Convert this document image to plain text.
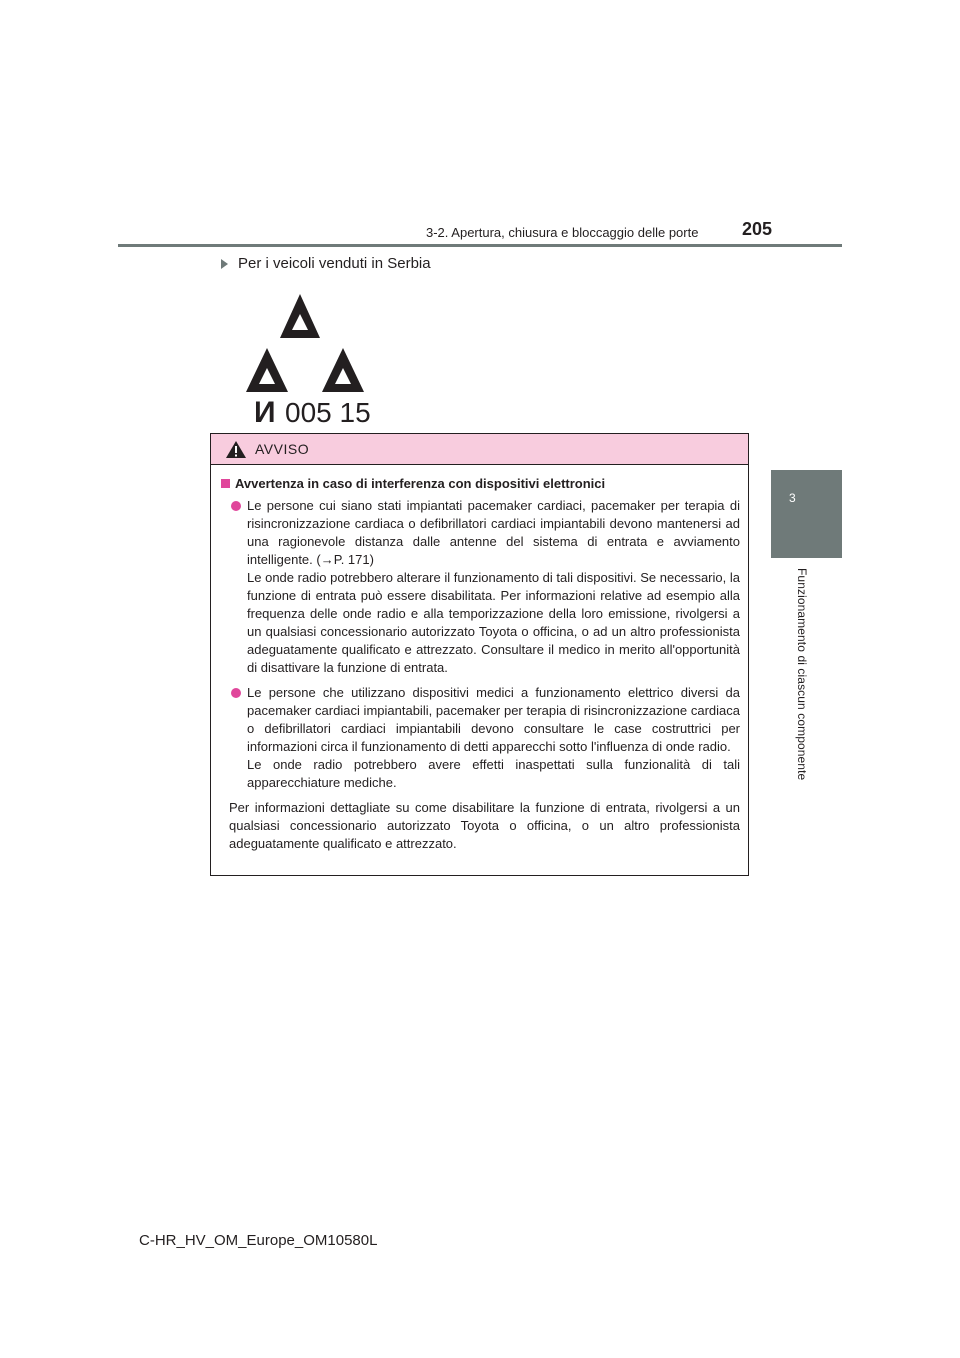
3-2. Apertura, chiusura e bloccaggio delle porte 205
3
Funzionamento di ciascun componente
Per i veicoli venduti in Serbia
И 005 15
AVVISO
Avvertenza in caso di interferenza con dispositivi elettronici
Le persone cui siano stati impiantati pacemaker cardiaci, pacemaker per terapia di risincronizzazione cardiaca o defibrillatori cardiaci impiantabili devono mantenersi ad una ragionevole distanza dalle antenne del sistema di entrata e avviamento intelligente. (→P. 171)
Le onde radio potrebbero alterare il funzionamento di tali dispositivi. Se necessario, la funzione di entrata può essere disabilitata. Per informazioni relative ad esempio alla frequenza delle onde radio e alla temporizzazione della loro emissione, rivolgersi a un qualsiasi concessionario autorizzato Toyota o officina, o ad un altro professionista adeguatamente qualificato e attrezzato. Consultare il medico in merito all'opportunità di disattivare la funzione di entrata.
Le persone che utilizzano dispositivi medici a funzionamento elettrico diversi da pacemaker cardiaci impiantabili, pacemaker per terapia di risincronizzazione cardiaca o defibrillatori cardiaci impiantabili devono consultare le case costruttrici per informazioni circa il funzionamento di detti apparecchi sotto l'influenza di onde radio.
Le onde radio potrebbero avere effetti inaspettati sulla funzionalità di tali apparecchiature mediche.
Per informazioni dettagliate su come disabilitare la funzione di entrata, rivolgersi a un qualsiasi concessionario autorizzato Toyota o officina, o un altro professionista adeguatamente qualificato e attrezzato.
C-HR_HV_OM_Europe_OM10580L
